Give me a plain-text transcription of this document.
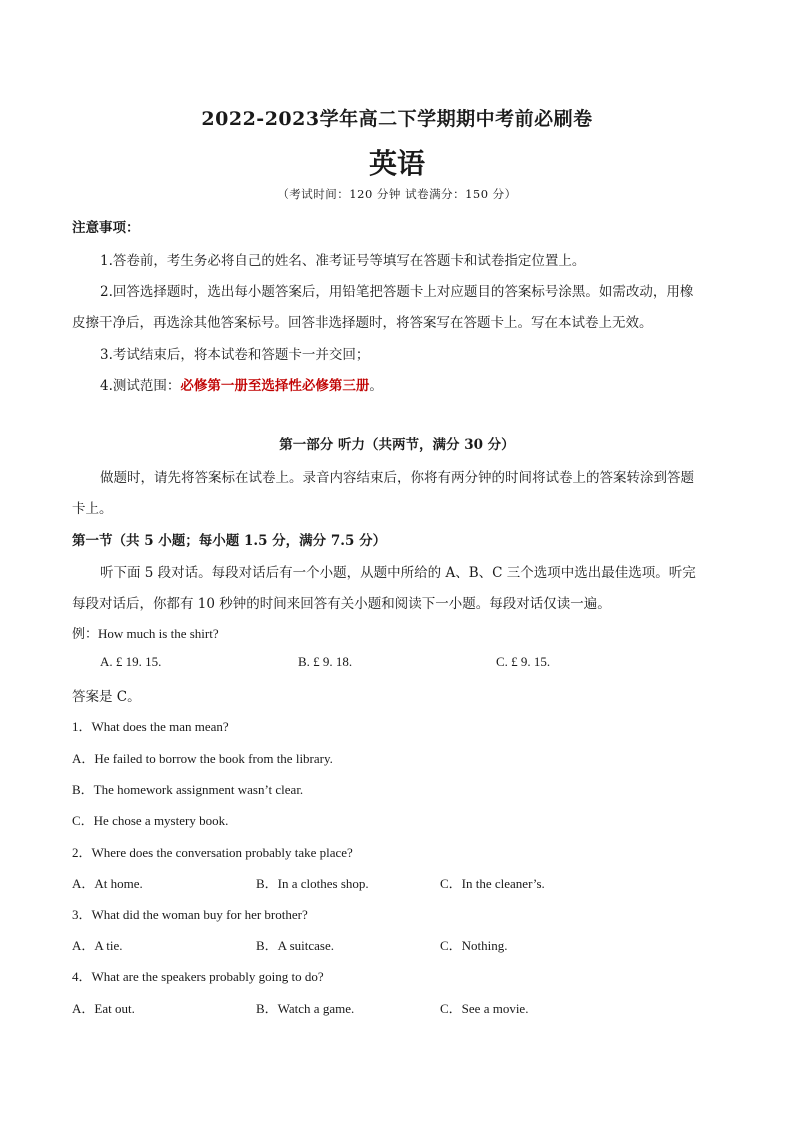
2022-2023学年高二下学期期中考前必刷卷
英语
（考试时间：120 分钟 试卷满分：150 分）
注意事项：
1.答卷前，考生务必将自己的姓名、准考证号等填写在答题卡和试卷指定位置上。
2.回答选择题时，选出每小题答案后，用铅笔把答题卡上对应题目的答案标号涂黑。如需改动，用橡
皮擦干净后，再选涂其他答案标号。回答非选择题时，将答案写在答题卡上。写在本试卷上无效。
3.考试结束后，将本试卷和答题卡一并交回；
4.测试范围：必修第一册至选择性必修第三册。
第一部分 听力（共两节，满分 30 分）
做题时，请先将答案标在试卷上。录音内容结束后，你将有两分钟的时间将试卷上的答案转涂到答题
卡上。
第一节（共 5 小题；每小题 1.5 分，满分 7.5 分）
听下面 5 段对话。每段对话后有一个小题，从题中所给的 A、B、C 三个选项中选出最佳选项。听完
每段对话后，你都有 10 秒钟的时间来回答有关小题和阅读下一小题。每段对话仅读一遍。
例：How much is the shirt?
A. £ 19. 15.	B. £ 9. 18.	C. £ 9. 15.
答案是 C。
1．What does the man mean?
A．He failed to borrow the book from the library.
B．The homework assignment wasn’t clear.
C．He chose a mystery book.
2．Where does the conversation probably take place?
A．At home.	B．In a clothes shop.	C．In the cleaner’s.
3．What did the woman buy for her brother?
A．A tie.	B．A suitcase.	C．Nothing.
4．What are the speakers probably going to do?
A．Eat out.	B．Watch a game.	C．See a movie.
